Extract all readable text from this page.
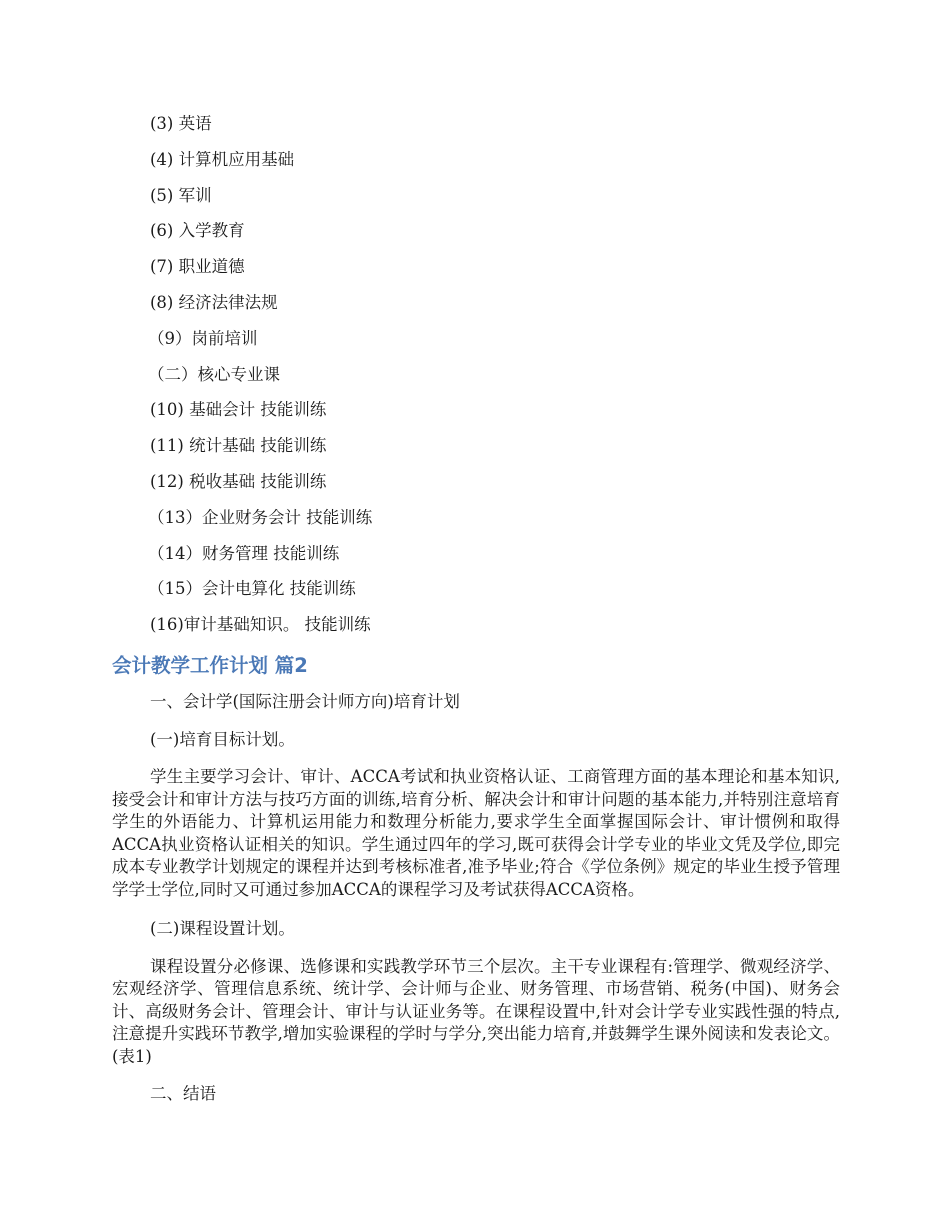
(3) 英语
(4) 计算机应用基础
(5) 军训
(6) 入学教育
(7) 职业道德
(8) 经济法律法规
（9）岗前培训
（二）核心专业课
(10) 基础会计 技能训练
(11) 统计基础 技能训练
(12) 税收基础 技能训练
（13）企业财务会计 技能训练
（14）财务管理 技能训练
（15）会计电算化 技能训练
(16)审计基础知识。 技能训练
会计教学工作计划 篇2
一、会计学(国际注册会计师方向)培育计划
(一)培育目标计划。
学生主要学习会计、审计、ACCA考试和执业资格认证、工商管理方面的基本理论和基本知识,接受会计和审计方法与技巧方面的训练,培育分析、解决会计和审计问题的基本能力,并特别注意培育学生的外语能力、计算机运用能力和数理分析能力,要求学生全面掌握国际会计、审计惯例和取得ACCA执业资格认证相关的知识。学生通过四年的学习,既可获得会计学专业的毕业文凭及学位,即完成本专业教学计划规定的课程并达到考核标准者,准予毕业;符合《学位条例》规定的毕业生授予管理学学士学位,同时又可通过参加ACCA的课程学习及考试获得ACCA资格。
(二)课程设置计划。
课程设置分必修课、选修课和实践教学环节三个层次。主干专业课程有:管理学、微观经济学、宏观经济学、管理信息系统、统计学、会计师与企业、财务管理、市场营销、税务(中国)、财务会计、高级财务会计、管理会计、审计与认证业务等。在课程设置中,针对会计学专业实践性强的特点,注意提升实践环节教学,增加实验课程的学时与学分,突出能力培育,并鼓舞学生课外阅读和发表论文。(表1)
二、结语
